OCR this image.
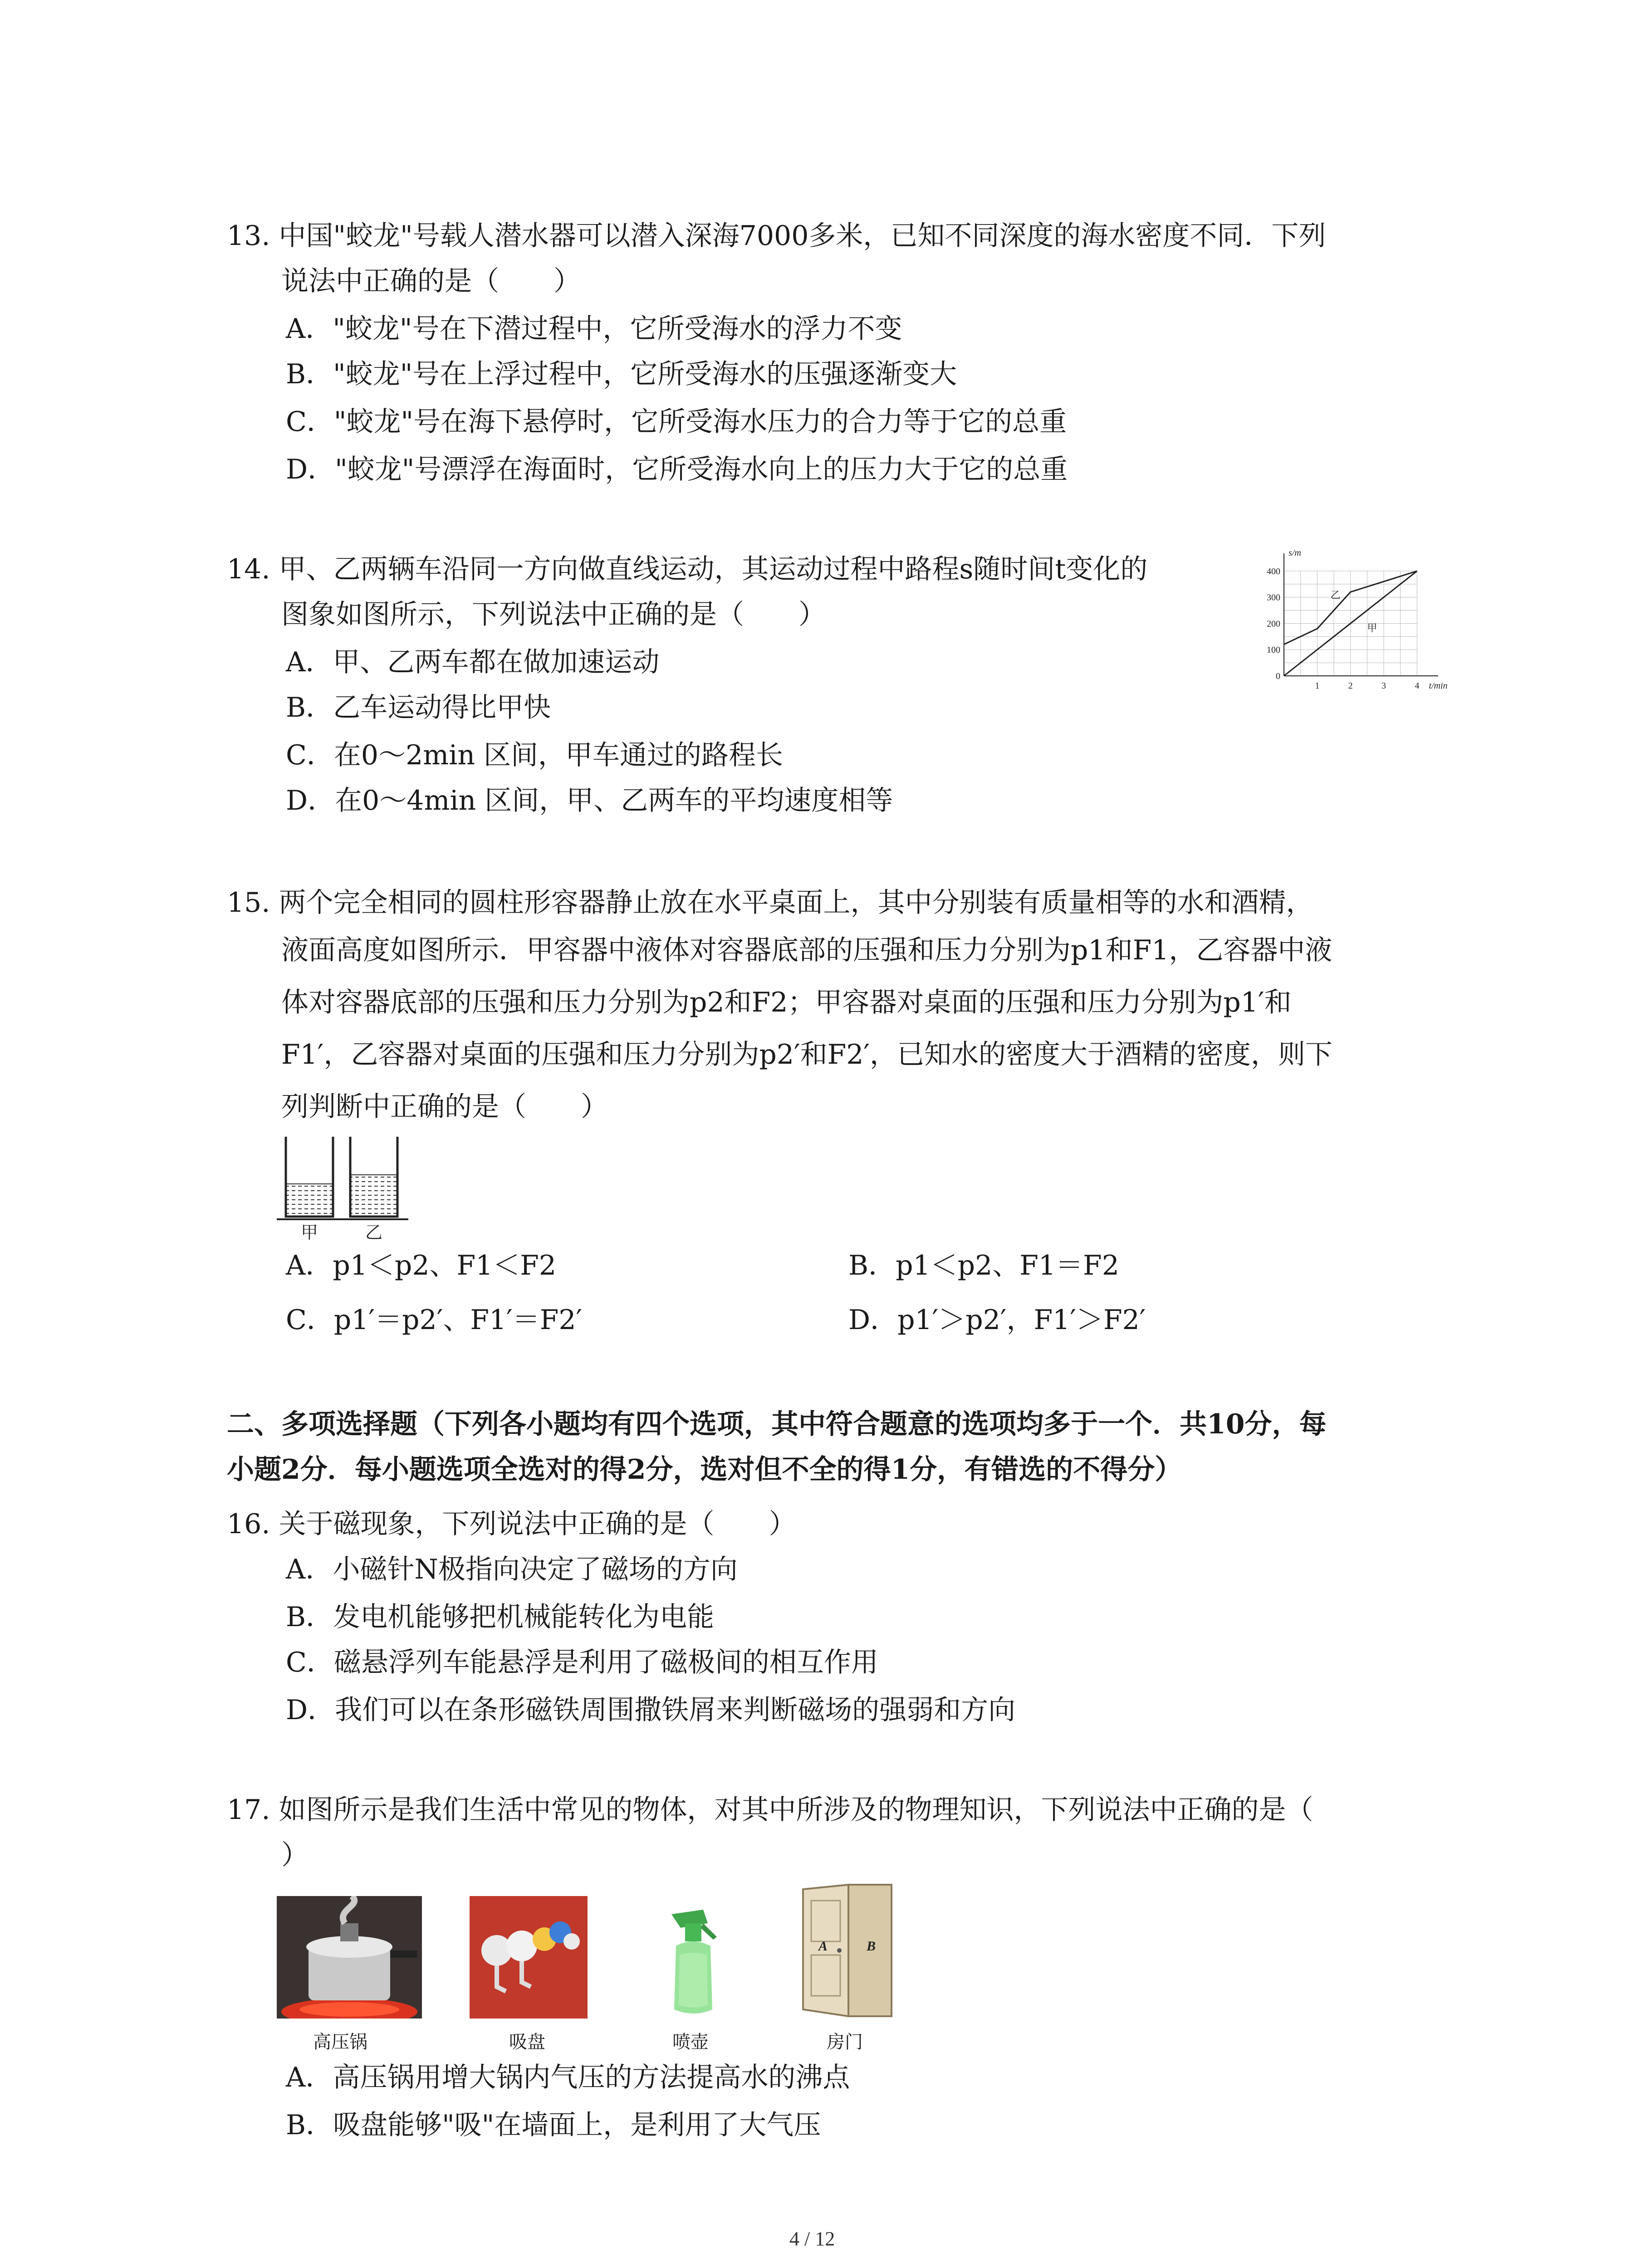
13. 中国"蛟龙"号载人潜水器可以潜入深海7000多米，已知不同深度的海水密度不同．下列
说法中正确的是（　　）
A．"蛟龙"号在下潜过程中，它所受海水的浮力不变
B．"蛟龙"号在上浮过程中，它所受海水的压强逐渐变大
C．"蛟龙"号在海下悬停时，它所受海水压力的合力等于它的总重
D．"蛟龙"号漂浮在海面时，它所受海水向上的压力大于它的总重
14. 甲、乙两辆车沿同一方向做直线运动，其运动过程中路程s随时间t变化的
图象如图所示，下列说法中正确的是（　　）
A．甲、乙两车都在做加速运动
B．乙车运动得比甲快
C．在0～2min 区间，甲车通过的路程长
D．在0～4min 区间，甲、乙两车的平均速度相等
1	2	3	4
0
100
200
300
400
t/min
s/m
乙
甲
15. 两个完全相同的圆柱形容器静止放在水平桌面上，其中分别装有质量相等的水和酒精，
液面高度如图所示．甲容器中液体对容器底部的压强和压力分别为p1和F1，乙容器中液
体对容器底部的压强和压力分别为p2和F2；甲容器对桌面的压强和压力分别为p1′和
F1′，乙容器对桌面的压强和压力分别为p2′和F2′，已知水的密度大于酒精的密度，则下
列判断中正确的是（　　）
甲	乙
A．p1＜p2、F1＜F2	B．p1＜p2、F1＝F2
C．p1′＝p2′、F1′＝F2′	D．p1′＞p2′，F1′＞F2′
二、多项选择题（下列各小题均有四个选项，其中符合题意的选项均多于一个．共10分，每
小题2分．每小题选项全选对的得2分，选对但不全的得1分，有错选的不得分）
16. 关于磁现象，下列说法中正确的是（　　）
A．小磁针N极指向决定了磁场的方向
B．发电机能够把机械能转化为电能
C．磁悬浮列车能悬浮是利用了磁极间的相互作用
D．我们可以在条形磁铁周围撒铁屑来判断磁场的强弱和方向
17. 如图所示是我们生活中常见的物体，对其中所涉及的物理知识，下列说法中正确的是（
）
高压锅	吸盘	喷壶
A	B
房门
A．高压锅用增大锅内气压的方法提高水的沸点
B．吸盘能够"吸"在墙面上，是利用了大气压
4 / 12
